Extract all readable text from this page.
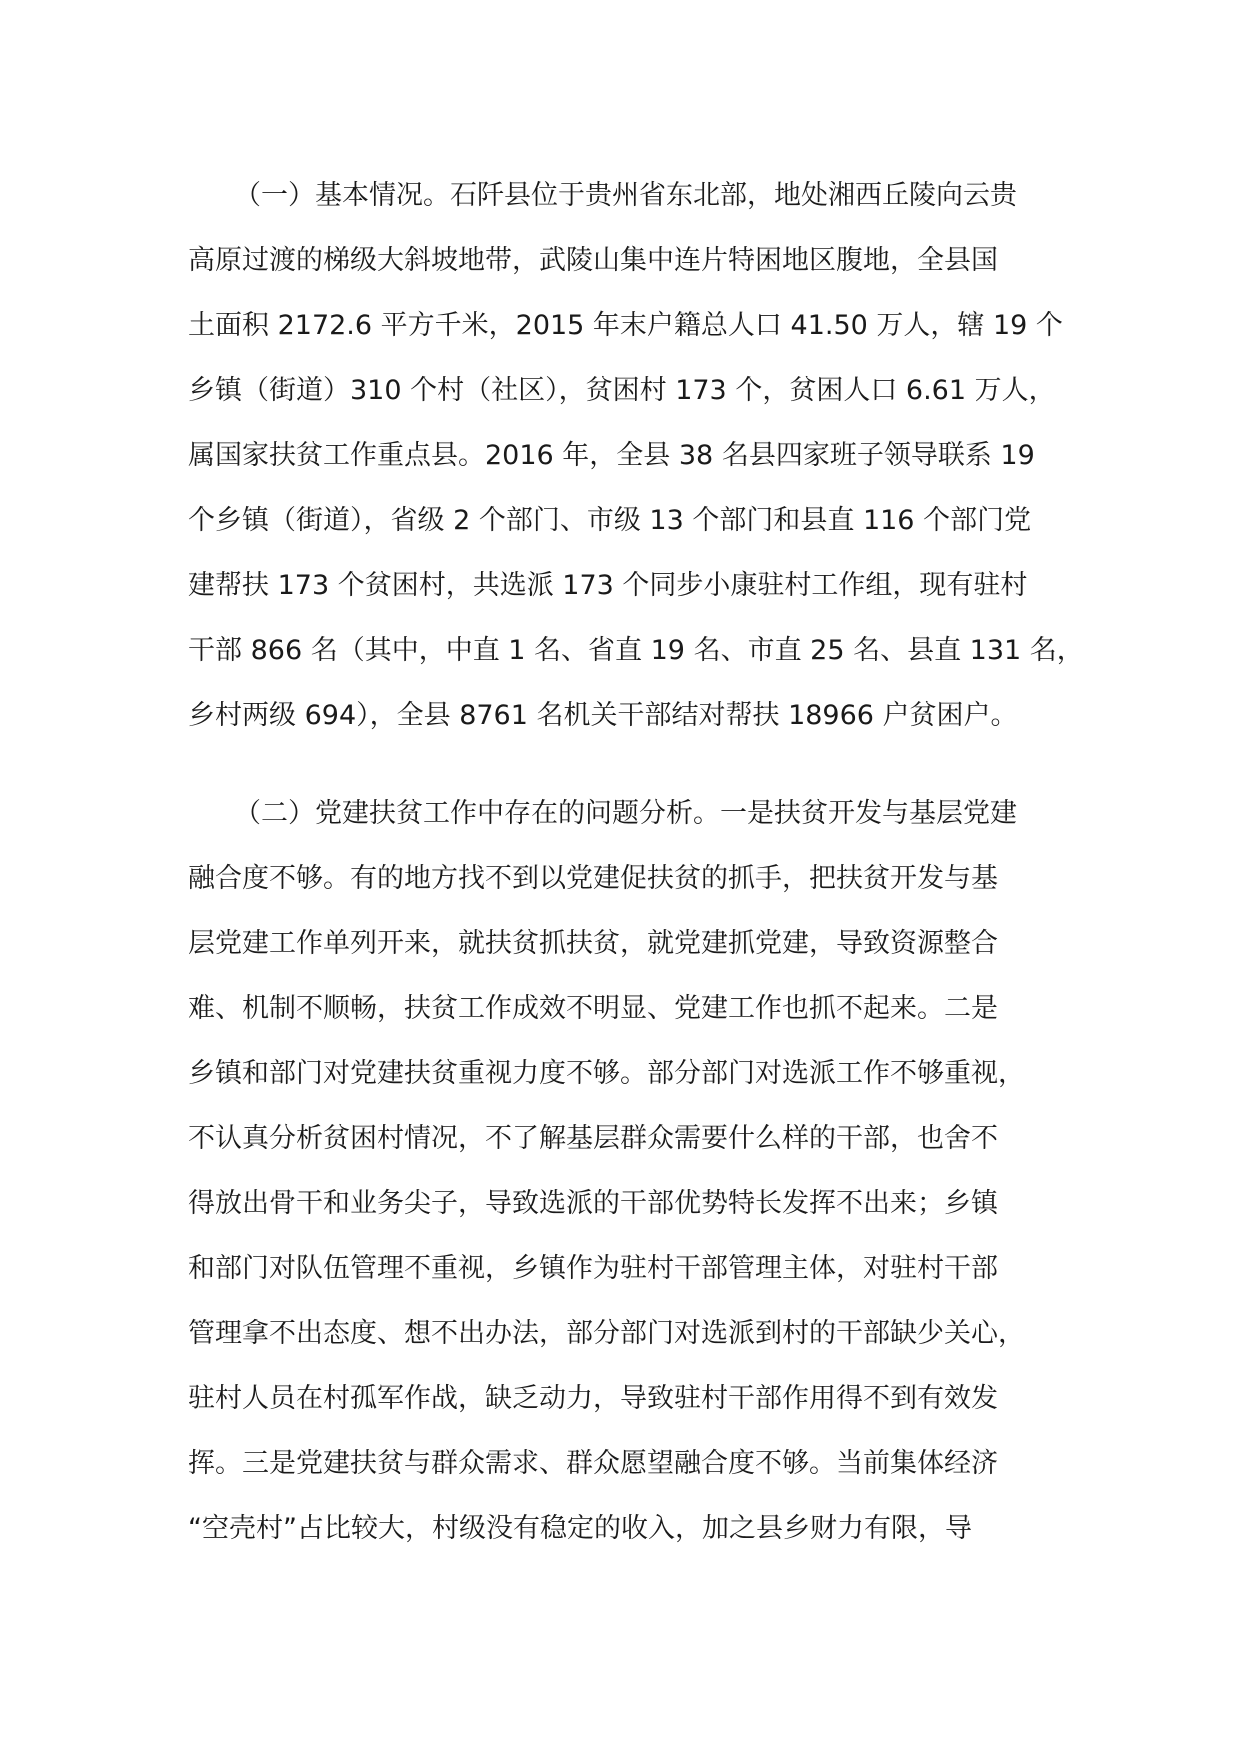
（一）基本情况。石阡县位于贵州省东北部，地处湘西丘陵向云贵
高原过渡的梯级大斜坡地带，武陵山集中连片特困地区腹地，全县国
土面积 2172.6 平方千米，2015 年末户籍总人口 41.50 万人，辖 19 个
乡镇（街道）310 个村（社区），贫困村 173 个，贫困人口 6.61 万人，
属国家扶贫工作重点县。2016 年，全县 38 名县四家班子领导联系 19
个乡镇（街道），省级 2 个部门、市级 13 个部门和县直 116 个部门党
建帮扶 173 个贫困村，共选派 173 个同步小康驻村工作组，现有驻村
干部 866 名（其中，中直 1 名、省直 19 名、市直 25 名、县直 131 名，
乡村两级 694），全县 8761 名机关干部结对帮扶 18966 户贫困户。
（二）党建扶贫工作中存在的问题分析。一是扶贫开发与基层党建
融合度不够。有的地方找不到以党建促扶贫的抓手，把扶贫开发与基
层党建工作单列开来，就扶贫抓扶贫，就党建抓党建，导致资源整合
难、机制不顺畅，扶贫工作成效不明显、党建工作也抓不起来。二是
乡镇和部门对党建扶贫重视力度不够。部分部门对选派工作不够重视，
不认真分析贫困村情况，不了解基层群众需要什么样的干部，也舍不
得放出骨干和业务尖子，导致选派的干部优势特长发挥不出来；乡镇
和部门对队伍管理不重视，乡镇作为驻村干部管理主体，对驻村干部
管理拿不出态度、想不出办法，部分部门对选派到村的干部缺少关心，
驻村人员在村孤军作战，缺乏动力，导致驻村干部作用得不到有效发
挥。三是党建扶贫与群众需求、群众愿望融合度不够。当前集体经济
“空壳村”占比较大，村级没有稳定的收入，加之县乡财力有限，导
